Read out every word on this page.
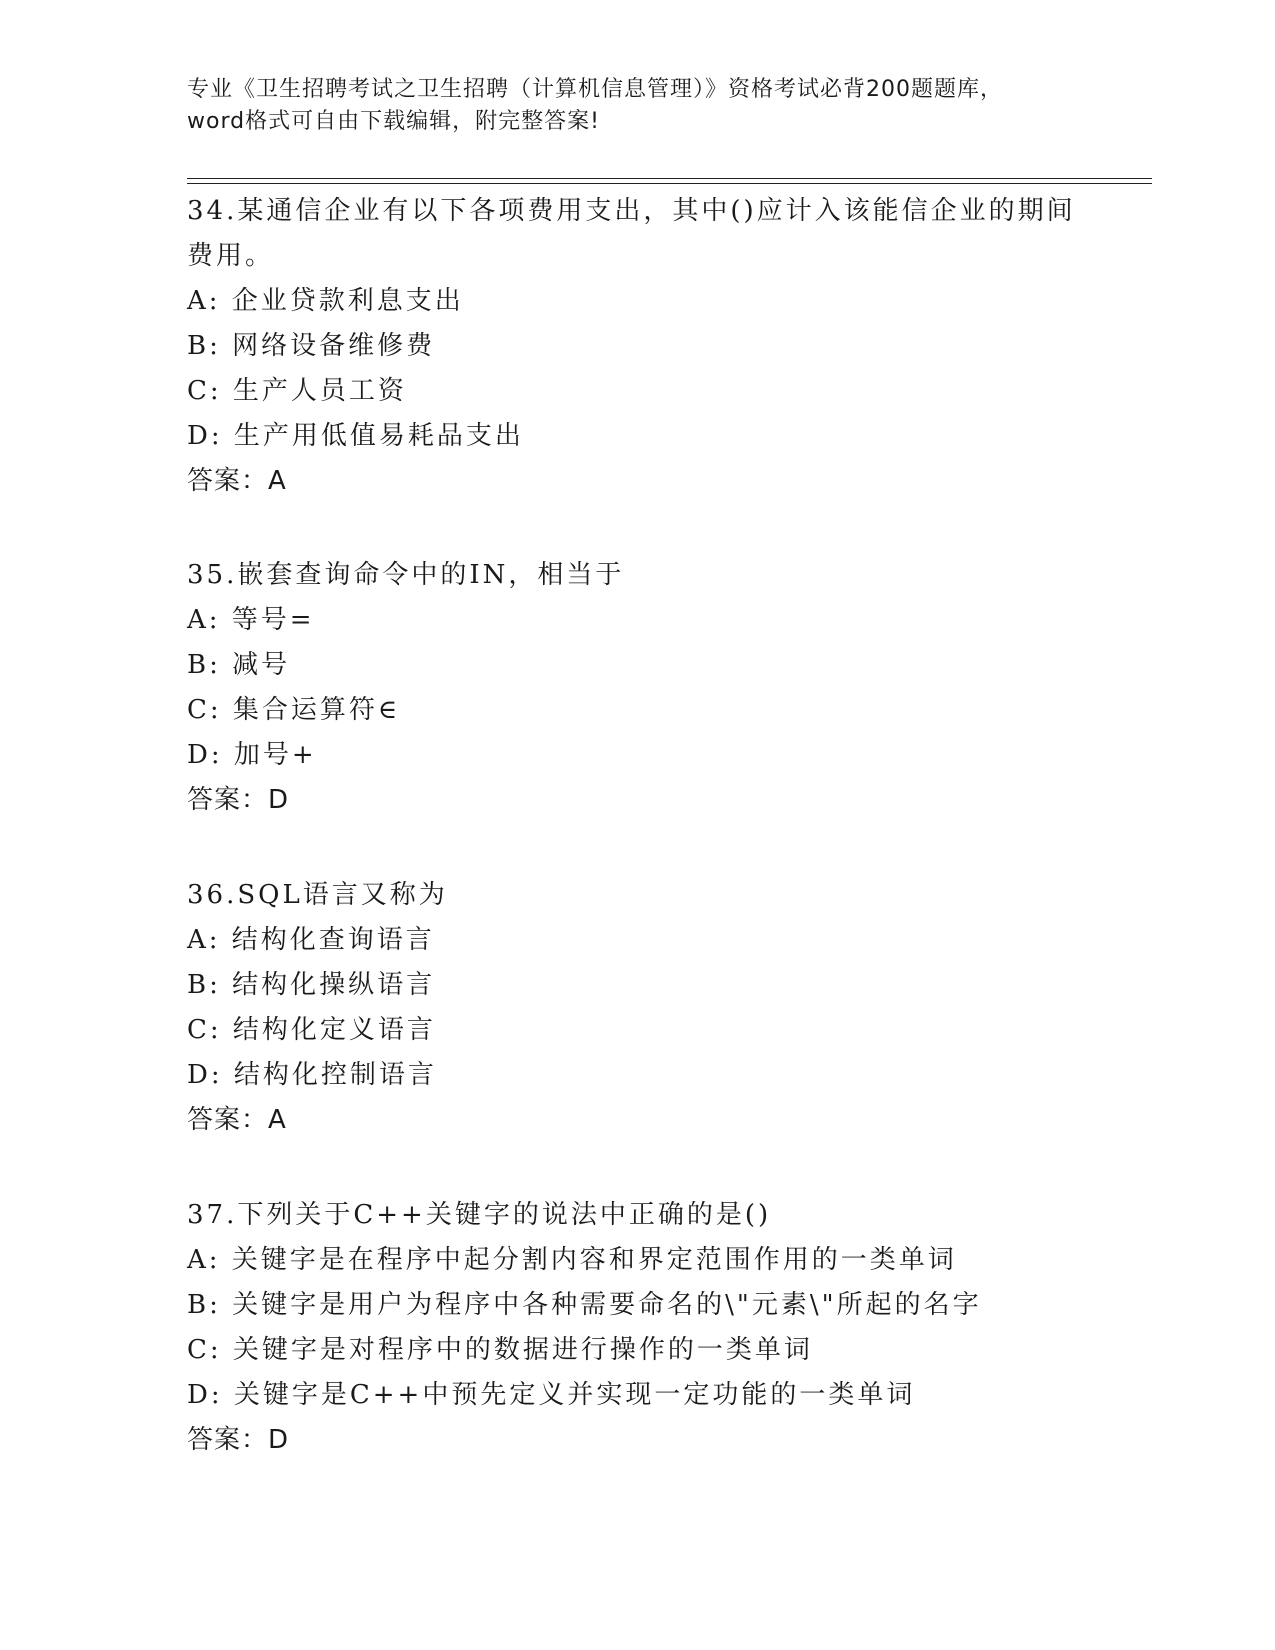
专业《卫生招聘考试之卫生招聘（计算机信息管理）》资格考试必背200题题库，
word格式可自由下载编辑，附完整答案!
34.某通信企业有以下各项费用支出，其中()应计入该能信企业的期间
费用。
A: 企业贷款利息支出
B: 网络设备维修费
C: 生产人员工资
D: 生产用低值易耗品支出
答案：A
35.嵌套查询命令中的IN，相当于
A: 等号=
B: 减号
C: 集合运算符∈
D: 加号+
答案：D
36.SQL语言又称为
A: 结构化查询语言
B: 结构化操纵语言
C: 结构化定义语言
D: 结构化控制语言
答案：A
37.下列关于C++关键字的说法中正确的是()
A: 关键字是在程序中起分割内容和界定范围作用的一类单词
B: 关键字是用户为程序中各种需要命名的\"元素\"所起的名字
C: 关键字是对程序中的数据进行操作的一类单词
D: 关键字是C++中预先定义并实现一定功能的一类单词
答案：D
